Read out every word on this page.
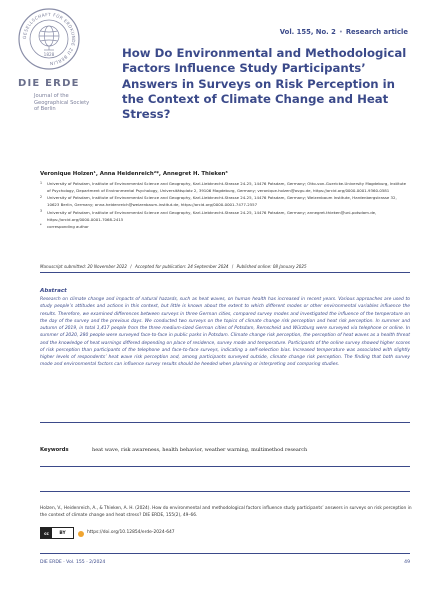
GESELLSCHAFT FÜR ERDKUNDE ZU BERLIN
1828
DIE ERDE
Journal of the Geographical Society of Berlin
Vol. 155, No. 2 • Research article
How Do Environmental and Methodological Factors Influence Study Participants’ Answers in Surveys on Risk Perception in the Context of Climate Change and Heat Stress?
Veronique Holzen¹, Anna Heidenreich²*, Annegret H. Thieken³
1 University of Potsdam, Institute of Environmental Science and Geography, Karl-Liebknecht-Strasse 24-25, 14476 Potsdam, Germany; Otto-von-Guericke-University Magdeburg, Institute of Psychology, Department of Environmental Psychology, Universitätsplatz 2, 39106 Magdeburg, Germany; veronique.holzen@ovgu.de, https://orcid.org/0000-0001-9360-0581
2 University of Potsdam, Institute of Environmental Science and Geography, Karl-Liebknecht-Strasse 24-25, 14476 Potsdam, Germany; Weizenbaum Institute, Hardenbergstrasse 32, 10623 Berlin, Germany; anna.heidenreich@weizenbaum-institut.de, https://orcid.org/0000-0001-7477-2557
3 University of Potsdam, Institute of Environmental Science and Geography, Karl-Liebknecht-Strasse 24-25, 14476 Potsdam, Germany; annegret.thieken@uni-potsdam.de, https://orcid.org/0000-0001-7068-2415
* corresponding author
Manuscript submitted: 20 November 2022 / Accepted for publication: 24 September 2024 / Published online: 08 January 2025
Abstract

Research on climate change and impacts of natural hazards, such as heat waves, on human health has increased in recent years. Various approaches are used to study people’s attitudes and actions in this context, but little is known about the extent to which different modes or other environmental variables influence the results. Therefore, we examined differences between surveys in three German cities, compared survey modes and investigated the influence of the temperature on the day of the survey and the previous days. We conducted two surveys on the topics of climate change risk perception and heat risk perception. In summer and autumn of 2019, in total 1,417 people from the three medium-sized German cities of Potsdam, Remscheid and Würzburg were surveyed via telephone or online. In summer of 2020, 280 people were surveyed face-to-face in public parks in Potsdam. Climate change risk perception, the perception of heat waves as a health threat and the knowledge of heat warnings differed depending on place of residence, survey mode and temperature. Participants of the online survey showed higher scores of risk perception than participants of the telephone and face-to-face surveys, indicating a self-selection bias. Increased temperature was associated with slightly higher levels of respondents’ heat wave risk perception and, among participants surveyed outside, climate change risk perception. The finding that both survey mode and environmental factors can influence survey results should be heeded when planning or interpreting and comparing studies.

Keywords	heat wave, risk awareness, health behavior, weather warning, multimethod research

Holzen, V., Heidenreich, A., & Thieken, A. H. (2024). How do environmental and methodological factors influence study participants’ answers in surveys on risk perception in the context of climate change and heat stress? DIE ERDE, 155(2), 49–66.

cc	BY	https://doi.org/10.12854/erde-2024-647
DIE ERDE · Vol. 155 · 2/2024	49
